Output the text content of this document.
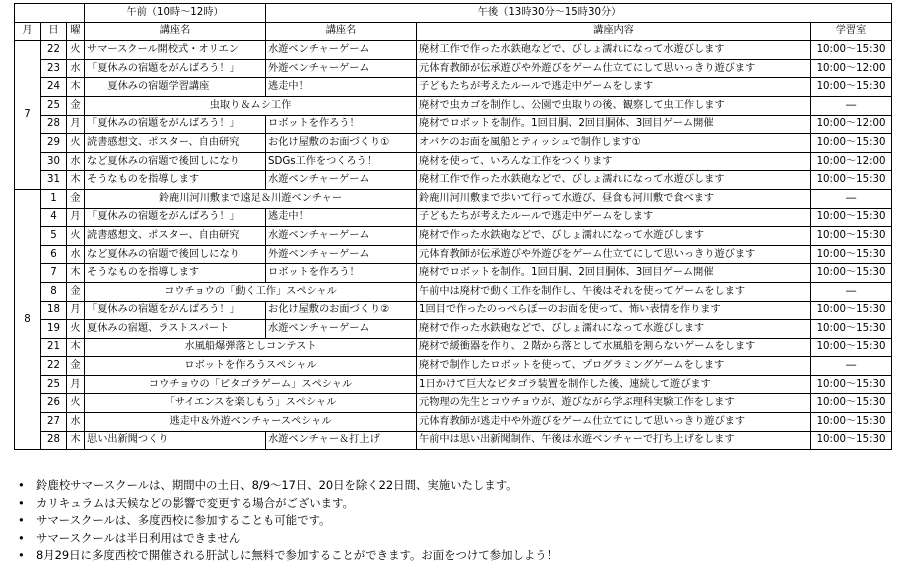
			午前（10時〜12時）	午後（13時30分〜15時30分）		
月	日	曜	講座名	講座名	講座内容	学習室
7	22	火	サマースクール開校式・オリエン	水遊ベンチャーゲーム	廃材工作で作った水鉄砲などで、びしょ濡れになって水遊びします	10:00〜15:30
	23	水	「夏休みの宿題をがんばろう！」	外遊ベンチャーゲーム	元体育教師が伝承遊びや外遊びをゲーム仕立てにして思いっきり遊びます	10:00〜12:00
	24	木	　　夏休みの宿題学習講座	逃走中！	子どもたちが考えたルールで逃走中ゲームをします	10:00〜15:30
	25	金	虫取り＆ムシ工作		廃材で虫カゴを制作し、公園で虫取りの後、観察して虫工作します	―
	28	月	「夏休みの宿題をがんばろう！」	ロボットを作ろう！	廃材でロボットを制作。1回目胴、2回目胴体、3回目ゲーム開催	10:00〜12:00
	29	火	読書感想文、ポスター、自由研究	お化け屋敷のお面づくり①	オバケのお面を風船とティッシュで制作します①	10:00〜15:30
	30	水	など夏休みの宿題で後回しになり	SDGs工作をつくろう！	廃材を使って、いろんな工作をつくります	10:00〜12:00
	31	木	そうなものを指導します	水遊ベンチャーゲーム	廃材工作で作った水鉄砲などで、びしょ濡れになって水遊びします	10:00〜15:30
8	1	金	鈴鹿川河川敷まで遠足＆川遊ベンチャー		鈴鹿川河川敷まで歩いて行って水遊び、昼食も河川敷で食べます	―
	4	月	「夏休みの宿題をがんばろう！」	逃走中！	子どもたちが考えたルールで逃走中ゲームをします	10:00〜15:30
	5	火	読書感想文、ポスター、自由研究	水遊ベンチャーゲーム	廃材で作った水鉄砲などで、びしょ濡れになって水遊びします	10:00〜15:30
	6	水	など夏休みの宿題で後回しになり	外遊ベンチャーゲーム	元体育教師が伝承遊びや外遊びをゲーム仕立てにして思いっきり遊びます	10:00〜15:30
	7	木	そうなものを指導します	ロボットを作ろう！	廃材でロボットを制作。1回目胴、2回目胴体、3回目ゲーム開催	10:00〜15:30
	8	金	コウチョウの「動く工作」スペシャル		午前中は廃材で動く工作を制作し、午後はそれを使ってゲームをします	―
	18	月	「夏休みの宿題をがんばろう！」	お化け屋敷のお面づくり②	1回目で作ったのっぺらぼーのお面を使って、怖い表情を作ります	10:00〜15:30
	19	火	夏休みの宿題、ラストスパート	水遊ベンチャーゲーム	廃材で作った水鉄砲などで、びしょ濡れになって水遊びします	10:00〜15:30
	21	木	水風船爆弾落としコンテスト		廃材で緩衝器を作り、２階から落として水風船を割らないゲームをします	10:00〜15:30
	22	金	ロボットを作ろうスペシャル		廃材で制作したロボットを使って、プログラミングゲームをします	―
	25	月	コウチョウの「ピタゴラゲーム」スペシャル		1日かけて巨大なピタゴラ装置を制作した後、連続して遊びます	10:00〜15:30
	26	火	「サイエンスを楽しもう」スペシャル		元物理の先生とコウチョウが、遊びながら学ぶ理科実験工作をします	10:00〜15:30
	27	水	逃走中＆外遊ベンチャースペシャル		元体育教師が逃走中や外遊びをゲーム仕立てにして思いっきり遊びます	10:00〜15:30
	28	木	思い出新聞つくり	水遊ベンチャー＆打上げ	午前中は思い出新聞制作、午後は水遊ベンチャーで打ち上げをします	10:00〜15:30
• 鈴鹿校サマースクールは、期間中の土日、8/9〜17日、20日を除く22日間、実施いたします。
• カリキュラムは天候などの影響で変更する場合がございます。
• サマースクールは、多度西校に参加することも可能です。
• サマースクールは半日利用はできません
• 8月29日に多度西校で開催される肝試しに無料で参加することができます。お面をつけて参加しよう！
